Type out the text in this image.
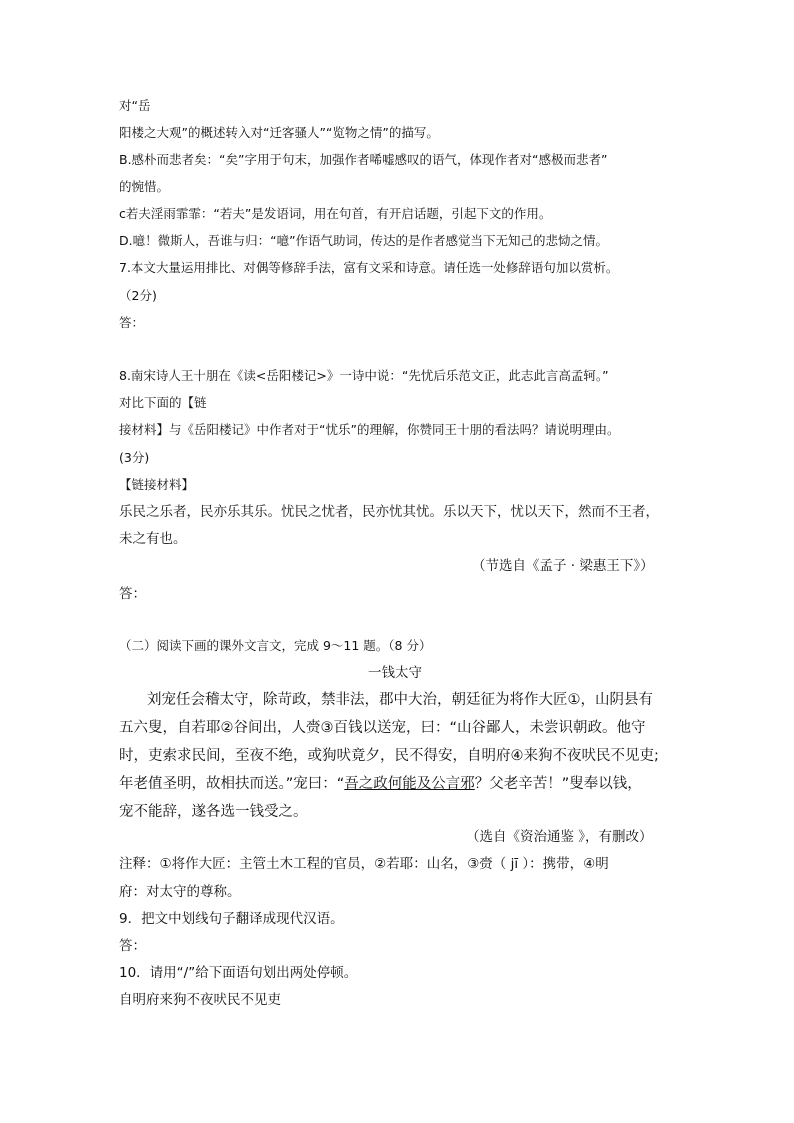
对“岳
阳楼之大观”的概述转入对“迁客骚人”“览物之情”的描写。
B.感朴而悲者矣：“矣”字用于句末，加强作者唏嘘感叹的语气，体现作者对“感极而悲者”
的惋惜。
c若夫淫雨霏霏：“若夫”是发语词，用在句首，有开启话题，引起下文的作用。
D.噫！微斯人，吾谁与归：“噫”作语气助词，传达的是作者感觉当下无知己的悲恸之情。
7.本文大量运用排比、对偶等修辞手法，富有文采和诗意。请任选一处修辞语句加以赏析。
（2分)
答：
8.南宋诗人王十朋在《读<岳阳楼记>》一诗中说：“先忧后乐范文正，此志此言高孟轲。”
对比下面的【链
接材料】与《岳阳楼记》中作者对于“忧乐”的理解，你赞同王十朋的看法吗？请说明理由。
(3分)
【链接材料】
乐民之乐者，民亦乐其乐。忧民之忧者，民亦忧其忧。乐以天下，忧以天下，然而不王者，
未之有也。
（节选自《孟子 · 梁惠王下》）
答：
（二）阅读下画的课外文言文，完成 9～11 题。（8 分）
一钱太守
刘宠任会稽太守，除苛政，禁非法，郡中大治，朝廷征为将作大匠①，山阴县有
五六叟，自若耶②谷间出，人赍③百钱以送宠，曰：“山谷鄙人，未尝识朝政。他守
时，吏索求民间，至夜不绝，或狗吠竟夕，民不得安，自明府④来狗不夜吠民不见吏;
年老值圣明，故相扶而送。”宠曰：“吾之政何能及公言邪？父老辛苦！”叟奉以钱，
宠不能辞，遂各选一钱受之。
（选自《资治通鉴 》，有删改）
注释：①将作大匠：主管土木工程的官员，②若耶：山名，③赍（ jī ）：携带，④明
府：对太守的尊称。
9．把文中划线句子翻译成现代汉语。
答：
10．请用“/”给下面语句划出两处停顿。
自明府来狗不夜吠民不见吏
